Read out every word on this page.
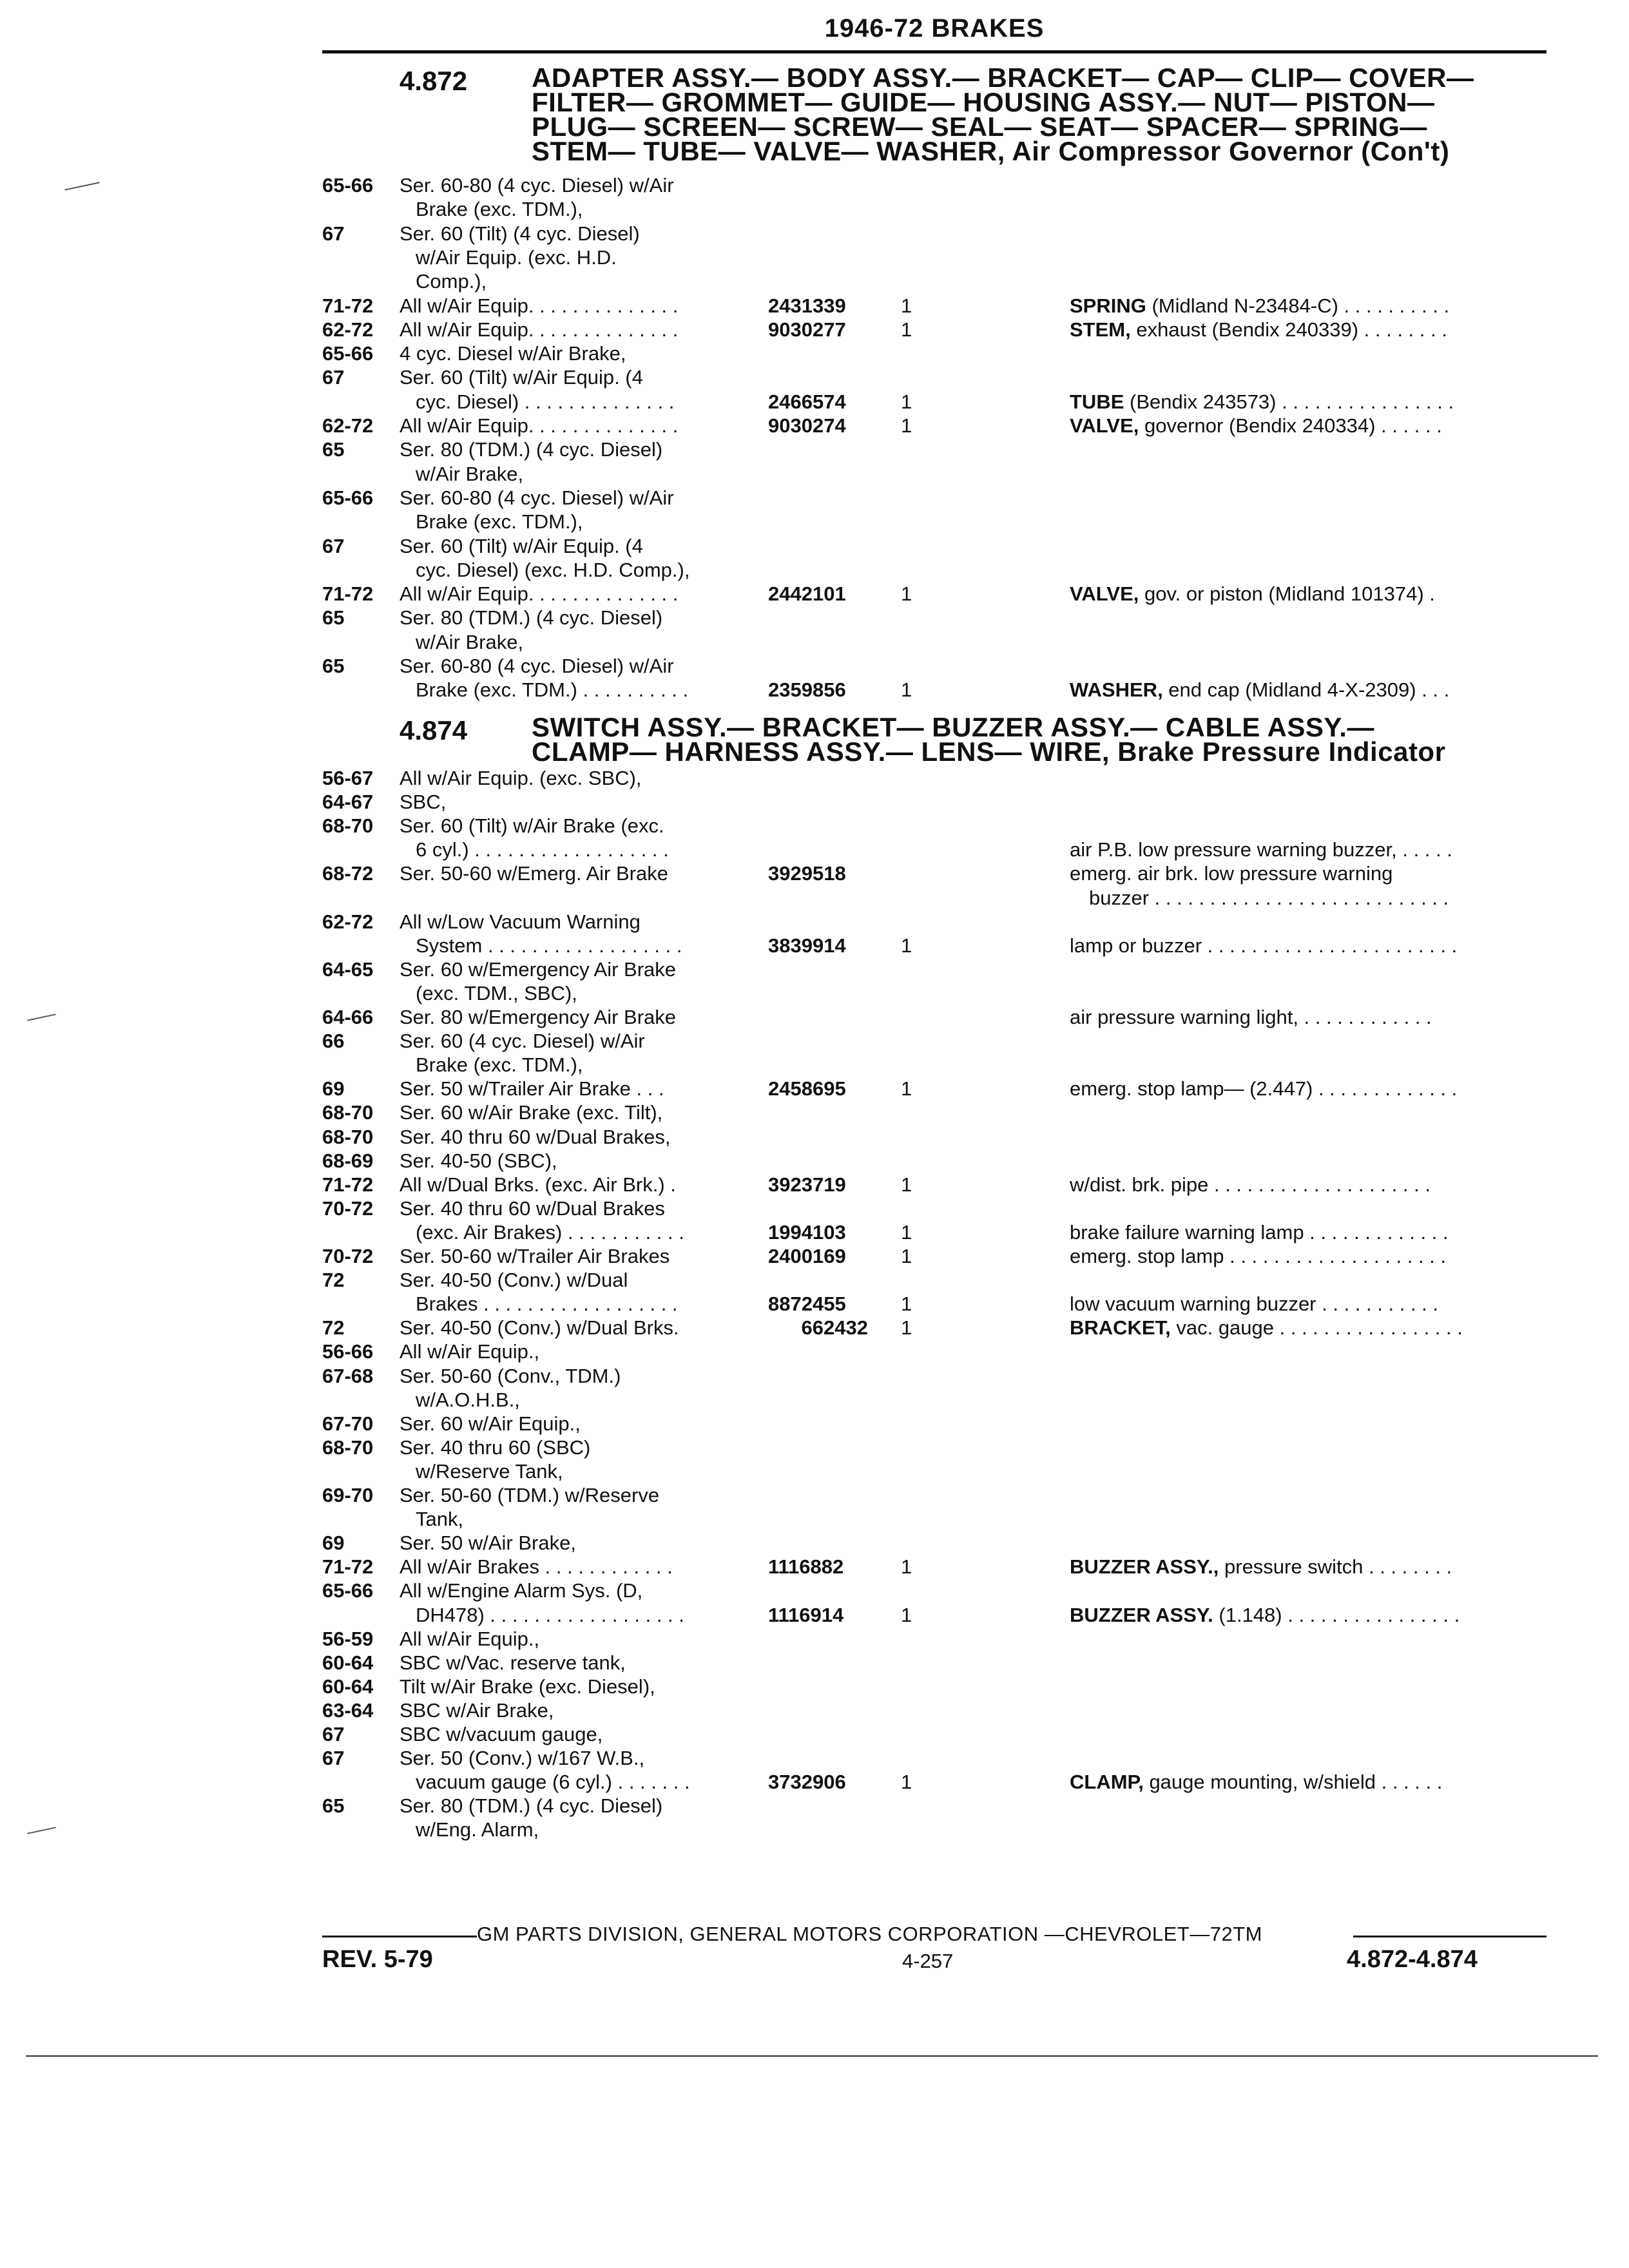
1946-72 BRAKES
4.872 ADAPTER ASSY.— BODY ASSY.— BRACKET— CAP— CLIP— COVER—
FILTER— GROMMET— GUIDE— HOUSING ASSY.— NUT— PISTON—
PLUG— SCREEN— SCREW— SEAL— SEAT— SPACER— SPRING—
STEM— TUBE— VALVE— WASHER, Air Compressor Governor (Con't)
65-66 Ser. 60-80 (4 cyc. Diesel) w/Air
Brake (exc. TDM.),
67	Ser. 60 (Tilt) (4 cyc. Diesel)
w/Air Equip. (exc. H.D.
Comp.),
71-72 All w/Air Equip. . . . . . . . . . . . . .	2431339	1	SPRING (Midland N-23484-C) . . . . . . . . . .
62-72 All w/Air Equip. . . . . . . . . . . . . .	9030277	1	STEM, exhaust (Bendix 240339) . . . . . . . .
65-66 4 cyc. Diesel w/Air Brake,
67	Ser. 60 (Tilt) w/Air Equip. (4
cyc. Diesel) . . . . . . . . . . . . . .	2466574	1	TUBE (Bendix 243573) . . . . . . . . . . . . . . . .
62-72 All w/Air Equip. . . . . . . . . . . . . .	9030274	1	VALVE, governor (Bendix 240334) . . . . . .
65	Ser. 80 (TDM.) (4 cyc. Diesel)
w/Air Brake,
65-66 Ser. 60-80 (4 cyc. Diesel) w/Air
Brake (exc. TDM.),
67	Ser. 60 (Tilt) w/Air Equip. (4
cyc. Diesel) (exc. H.D. Comp.),
71-72 All w/Air Equip. . . . . . . . . . . . . .	2442101	1	VALVE, gov. or piston (Midland 101374) .
65	Ser. 80 (TDM.) (4 cyc. Diesel)
w/Air Brake,
65	Ser. 60-80 (4 cyc. Diesel) w/Air
Brake (exc. TDM.) . . . . . . . . . .	2359856	1	WASHER, end cap (Midland 4-X-2309) . . .
4.874 SWITCH ASSY.— BRACKET— BUZZER ASSY.— CABLE ASSY.—
CLAMP— HARNESS ASSY.— LENS— WIRE, Brake Pressure Indicator
56-67 All w/Air Equip. (exc. SBC),
64-67 SBC,
68-70 Ser. 60 (Tilt) w/Air Brake (exc.
6 cyl.) . . . . . . . . . . . . . . . . . .	air P.B. low pressure warning buzzer, . . . . .
68-72 Ser. 50-60 w/Emerg. Air Brake	3929518	emerg. air brk. low pressure warning
buzzer . . . . . . . . . . . . . . . . . . . . . . . . . . .
62-72 All w/Low Vacuum Warning
System . . . . . . . . . . . . . . . . . .	3839914	1	lamp or buzzer . . . . . . . . . . . . . . . . . . . . . . .
64-65 Ser. 60 w/Emergency Air Brake
(exc. TDM., SBC),
64-66 Ser. 80 w/Emergency Air Brake	air pressure warning light, . . . . . . . . . . . .
66	Ser. 60 (4 cyc. Diesel) w/Air
Brake (exc. TDM.),
69	Ser. 50 w/Trailer Air Brake . . .	2458695	1	emerg. stop lamp— (2.447) . . . . . . . . . . . . .
68-70 Ser. 60 w/Air Brake (exc. Tilt),
68-70 Ser. 40 thru 60 w/Dual Brakes,
68-69 Ser. 40-50 (SBC),
71-72 All w/Dual Brks. (exc. Air Brk.) .	3923719	1	w/dist. brk. pipe . . . . . . . . . . . . . . . . . . . .
70-72 Ser. 40 thru 60 w/Dual Brakes
(exc. Air Brakes) . . . . . . . . . . .	1994103	1	brake failure warning lamp . . . . . . . . . . . . .
70-72 Ser. 50-60 w/Trailer Air Brakes	2400169	1	emerg. stop lamp . . . . . . . . . . . . . . . . . . . .
72	Ser. 40-50 (Conv.) w/Dual
Brakes . . . . . . . . . . . . . . . . . .	8872455	1	low vacuum warning buzzer . . . . . . . . . . .
72	Ser. 40-50 (Conv.) w/Dual Brks.	662432 1	BRACKET, vac. gauge . . . . . . . . . . . . . . . . .
56-66 All w/Air Equip.,
67-68 Ser. 50-60 (Conv., TDM.)
w/A.O.H.B.,
67-70 Ser. 60 w/Air Equip.,
68-70 Ser. 40 thru 60 (SBC)
w/Reserve Tank,
69-70 Ser. 50-60 (TDM.) w/Reserve
Tank,
69	Ser. 50 w/Air Brake,
71-72 All w/Air Brakes . . . . . . . . . . . .	1116882	1	BUZZER ASSY., pressure switch . . . . . . . .
65-66 All w/Engine Alarm Sys. (D,
DH478) . . . . . . . . . . . . . . . . . .	1116914	1	BUZZER ASSY. (1.148) . . . . . . . . . . . . . . . .
56-59 All w/Air Equip.,
60-64 SBC w/Vac. reserve tank,
60-64 Tilt w/Air Brake (exc. Diesel),
63-64 SBC w/Air Brake,
67	SBC w/vacuum gauge,
67	Ser. 50 (Conv.) w/167 W.B.,
vacuum gauge (6 cyl.) . . . . . . .	3732906	1	CLAMP, gauge mounting, w/shield . . . . . .
65	Ser. 80 (TDM.) (4 cyc. Diesel)
w/Eng. Alarm,
GM PARTS DIVISION, GENERAL MOTORS CORPORATION —CHEVROLET—72TM
REV. 5-79	4-257	4.872-4.874
